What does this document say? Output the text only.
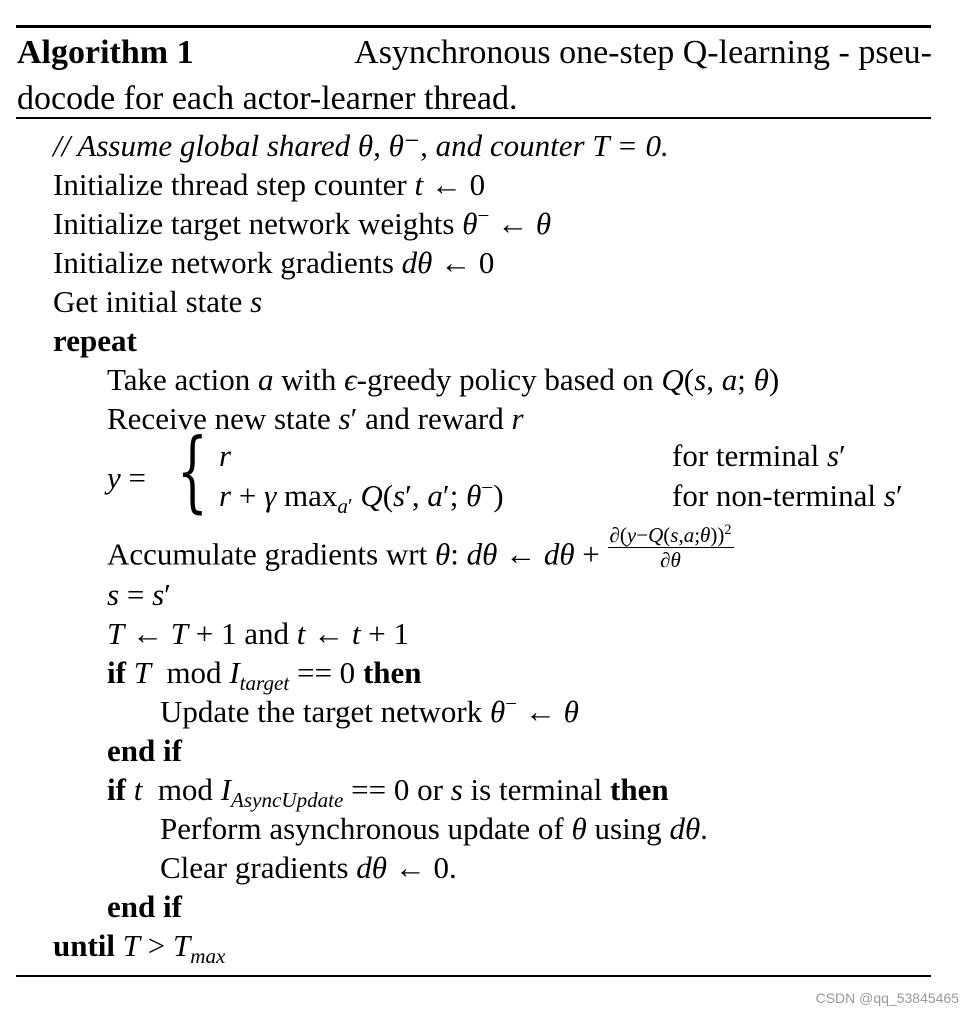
Algorithm 1	Asynchronous one-step Q-learning - pseu-
docode for each actor-learner thread.
// Assume global shared θ, θ⁻, and counter T = 0.
Initialize thread step counter t ← 0
Initialize target network weights θ− ← θ
Initialize network gradients dθ ← 0
Get initial state s
repeat
Take action a with ϵ-greedy policy based on Q(s, a; θ)
Receive new state s′ and reward r
y = { r
r + γ $\max_{a'} Q(s'$, a′; θ−)
for terminal s′
for non-terminal s′
Accumulate gradients wrt θ: dθ ← $d\theta + \frac{\partial(y-Q(s,a;\theta))^2}{\partial\theta}$
s = s′
T ← T + 1 and t ← t + 1
if T mod $I_{target} == 0$ then
Update the target network θ− ← θ
end if
if t mod $I_{AsyncUpdate} == 0$ or s is terminal then
Perform asynchronous update of θ using dθ.
Clear gradients dθ ← 0.
end if
until $T > T_{max}$
CSDN @qq_53845465
